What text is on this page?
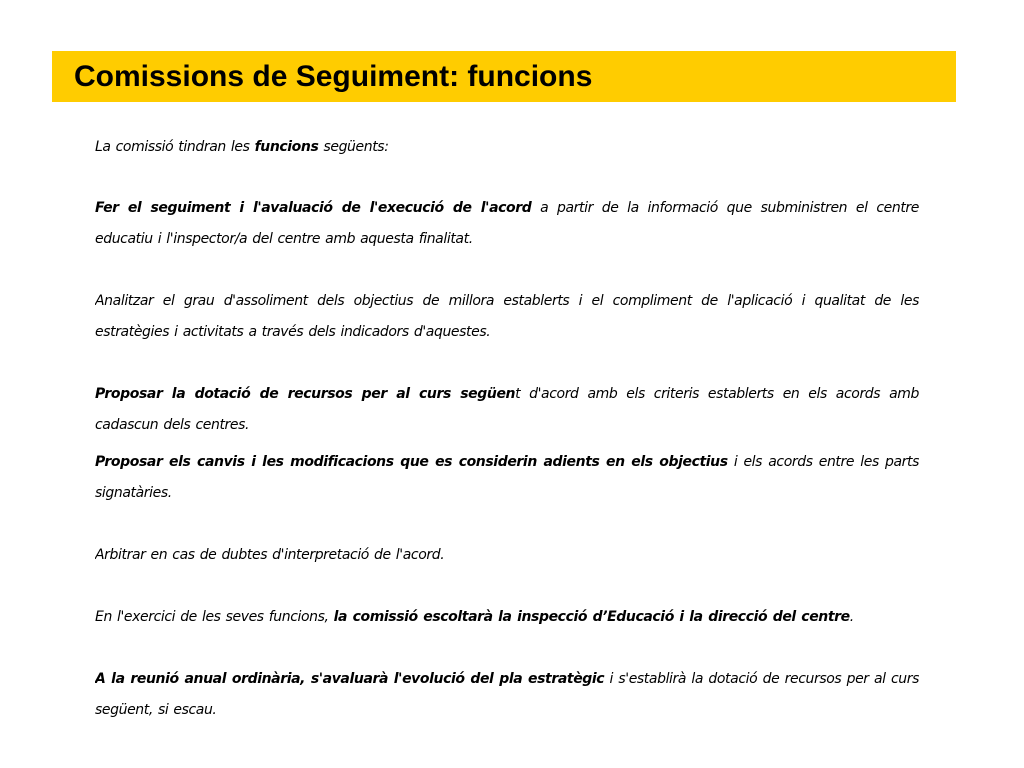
Comissions de Seguiment: funcions
La comissió tindran les funcions següents:
Fer el seguiment i l'avaluació de l'execució de l'acord a partir de la informació que subministren el centre educatiu i l'inspector/a del centre amb aquesta finalitat.
Analitzar el grau d'assoliment dels objectius de millora establerts i el compliment de l'aplicació i qualitat de les estratègies i activitats a través dels indicadors d'aquestes.
Proposar la dotació de recursos per al curs següent d'acord amb els criteris establerts en els acords amb cadascun dels centres.
Proposar els canvis i les modificacions que es considerin adients en els objectius i els acords entre les parts signatàries.
Arbitrar en cas de dubtes d'interpretació de l'acord.
En l'exercici de les seves funcions, la comissió escoltarà la inspecció d’Educació i la direcció del centre.
A la reunió anual ordinària, s'avaluarà l'evolució del pla estratègic i s'establirà la dotació de recursos per al curs següent, si escau.
